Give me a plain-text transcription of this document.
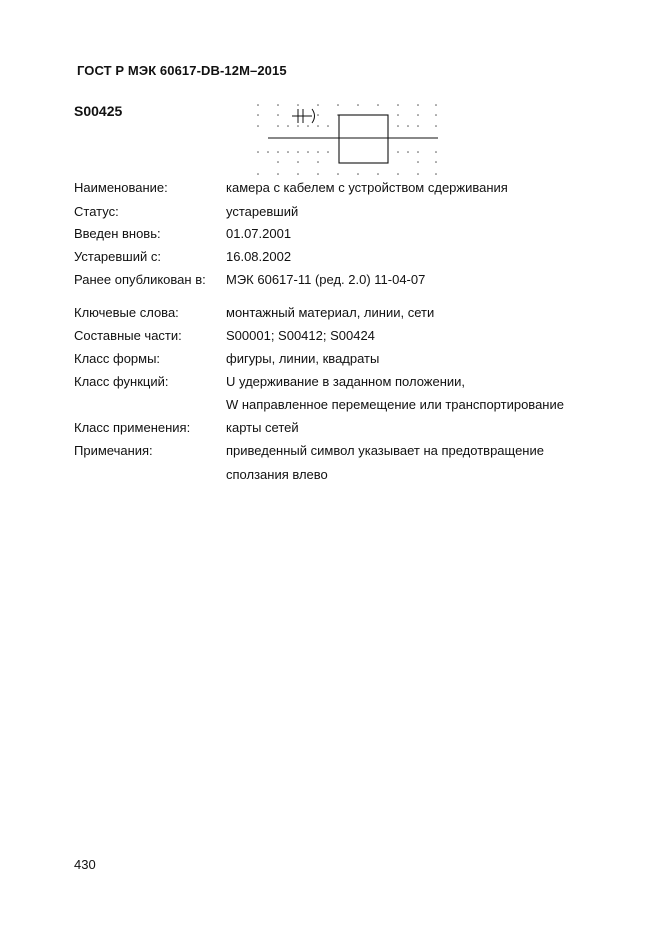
ГОСТ Р МЭК 60617-DB-12M–2015
S00425
Наименование:	камера с кабелем с устройством сдерживания
Статус:	устаревший
Введен вновь:	01.07.2001
Устаревший с:	16.08.2002
Ранее опубликован в: МЭК 60617-11 (ред. 2.0) 11-04-07
Ключевые слова:	монтажный материал, линии, сети
Составные части:	S00001; S00412; S00424
Класс формы:	фигуры, линии, квадраты
Класс функций:	U удерживание в заданном положении,
W направленное перемещение или транспортирование
Класс применения:	карты сетей
Примечания:	приведенный символ указывает на предотвращение
сползания влево
430
